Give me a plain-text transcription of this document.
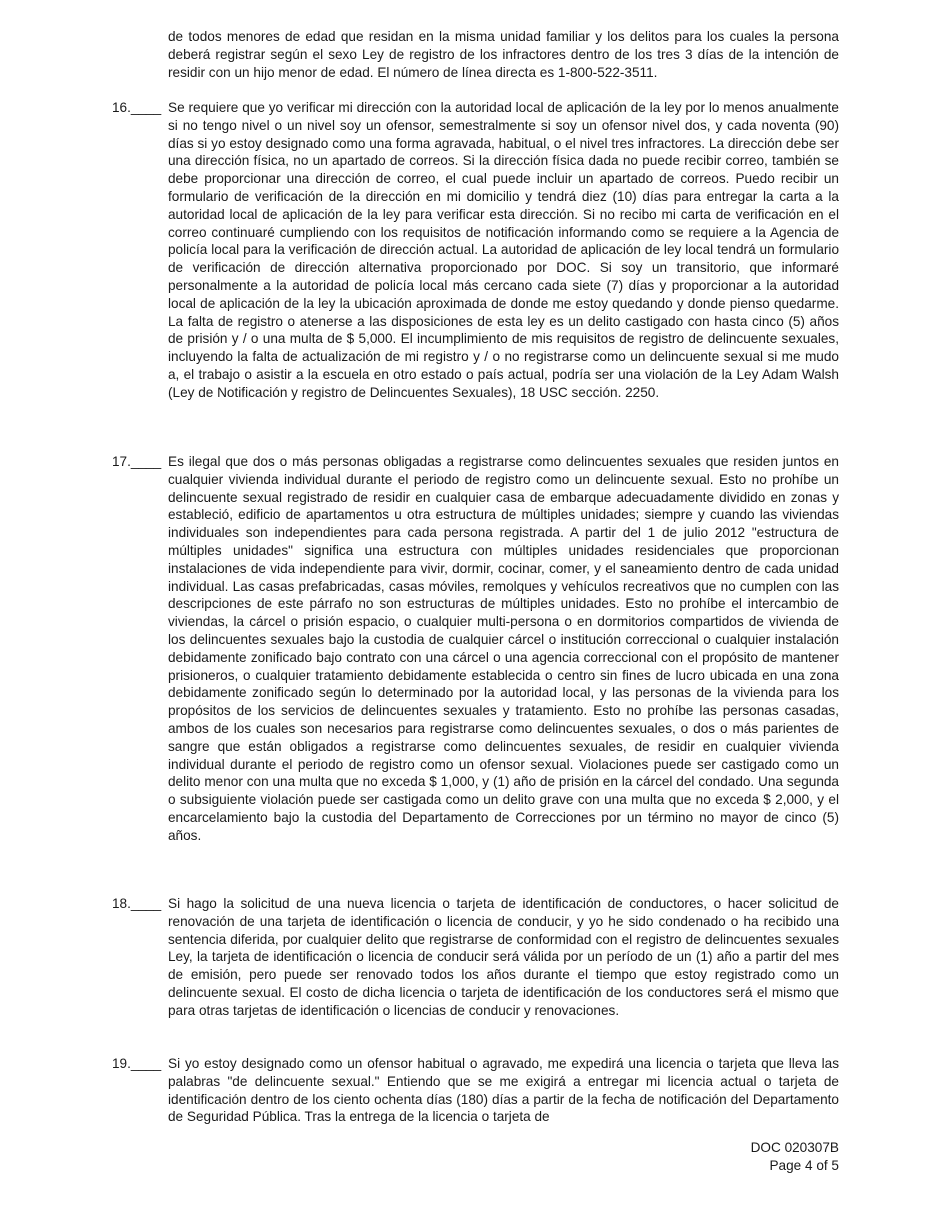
de todos menores de edad que residan en la misma unidad familiar y los delitos para los cuales la persona deberá registrar según el sexo Ley de registro de los infractores dentro de los tres 3 días de la intención de residir con un hijo menor de edad. El número de línea directa es 1-800-522-3511.
16.____ Se requiere que yo verificar mi dirección con la autoridad local de aplicación de la ley por lo menos anualmente si no tengo nivel o un nivel soy un ofensor, semestralmente si soy un ofensor nivel dos, y cada noventa (90) días si yo estoy designado como una forma agravada, habitual, o el nivel tres infractores. La dirección debe ser una dirección física, no un apartado de correos. Si la dirección física dada no puede recibir correo, también se debe proporcionar una dirección de correo, el cual puede incluir un apartado de correos. Puedo recibir un formulario de verificación de la dirección en mi domicilio y tendrá diez (10) días para entregar la carta a la autoridad local de aplicación de la ley para verificar esta dirección. Si no recibo mi carta de verificación en el correo continuaré cumpliendo con los requisitos de notificación informando como se requiere a la Agencia de policía local para la verificación de dirección actual. La autoridad de aplicación de ley local tendrá un formulario de verificación de dirección alternativa proporcionado por DOC. Si soy un transitorio, que informaré personalmente a la autoridad de policía local más cercano cada siete (7) días y proporcionar a la autoridad local de aplicación de la ley la ubicación aproximada de donde me estoy quedando y donde pienso quedarme. La falta de registro o atenerse a las disposiciones de esta ley es un delito castigado con hasta cinco (5) años de prisión y / o una multa de $ 5,000. El incumplimiento de mis requisitos de registro de delincuente sexuales, incluyendo la falta de actualización de mi registro y / o no registrarse como un delincuente sexual si me mudo a, el trabajo o asistir a la escuela en otro estado o país actual, podría ser una violación de la Ley Adam Walsh (Ley de Notificación y registro de Delincuentes Sexuales), 18 USC sección. 2250.
17.____ Es ilegal que dos o más personas obligadas a registrarse como delincuentes sexuales que residen juntos en cualquier vivienda individual durante el periodo de registro como un delincuente sexual. Esto no prohíbe un delincuente sexual registrado de residir en cualquier casa de embarque adecuadamente dividido en zonas y estableció, edificio de apartamentos u otra estructura de múltiples unidades; siempre y cuando las viviendas individuales son independientes para cada persona registrada. A partir del 1 de julio 2012 "estructura de múltiples unidades" significa una estructura con múltiples unidades residenciales que proporcionan instalaciones de vida independiente para vivir, dormir, cocinar, comer, y el saneamiento dentro de cada unidad individual. Las casas prefabricadas, casas móviles, remolques y vehículos recreativos que no cumplen con las descripciones de este párrafo no son estructuras de múltiples unidades. Esto no prohíbe el intercambio de viviendas, la cárcel o prisión espacio, o cualquier multi-persona o en dormitorios compartidos de vivienda de los delincuentes sexuales bajo la custodia de cualquier cárcel o institución correccional o cualquier instalación debidamente zonificado bajo contrato con una cárcel o una agencia correccional con el propósito de mantener prisioneros, o cualquier tratamiento debidamente establecida o centro sin fines de lucro ubicada en una zona debidamente zonificado según lo determinado por la autoridad local, y las personas de la vivienda para los propósitos de los servicios de delincuentes sexuales y tratamiento. Esto no prohíbe las personas casadas, ambos de los cuales son necesarios para registrarse como delincuentes sexuales, o dos o más parientes de sangre que están obligados a registrarse como delincuentes sexuales, de residir en cualquier vivienda individual durante el periodo de registro como un ofensor sexual. Violaciones puede ser castigado como un delito menor con una multa que no exceda $ 1,000, y (1) año de prisión en la cárcel del condado. Una segunda o subsiguiente violación puede ser castigada como un delito grave con una multa que no exceda $ 2,000, y el encarcelamiento bajo la custodia del Departamento de Correcciones por un término no mayor de cinco (5) años.
18.____ Si hago la solicitud de una nueva licencia o tarjeta de identificación de conductores, o hacer solicitud de renovación de una tarjeta de identificación o licencia de conducir, y yo he sido condenado o ha recibido una sentencia diferida, por cualquier delito que registrarse de conformidad con el registro de delincuentes sexuales Ley, la tarjeta de identificación o licencia de conducir será válida por un período de un (1) año a partir del mes de emisión, pero puede ser renovado todos los años durante el tiempo que estoy registrado como un delincuente sexual. El costo de dicha licencia o tarjeta de identificación de los conductores será el mismo que para otras tarjetas de identificación o licencias de conducir y renovaciones.
19.____ Si yo estoy designado como un ofensor habitual o agravado, me expedirá una licencia o tarjeta que lleva las palabras "de delincuente sexual." Entiendo que se me exigirá a entregar mi licencia actual o tarjeta de identificación dentro de los ciento ochenta días (180) días a partir de la fecha de notificación del Departamento de Seguridad Pública. Tras la entrega de la licencia o tarjeta de
DOC 020307B
Page 4 of 5
